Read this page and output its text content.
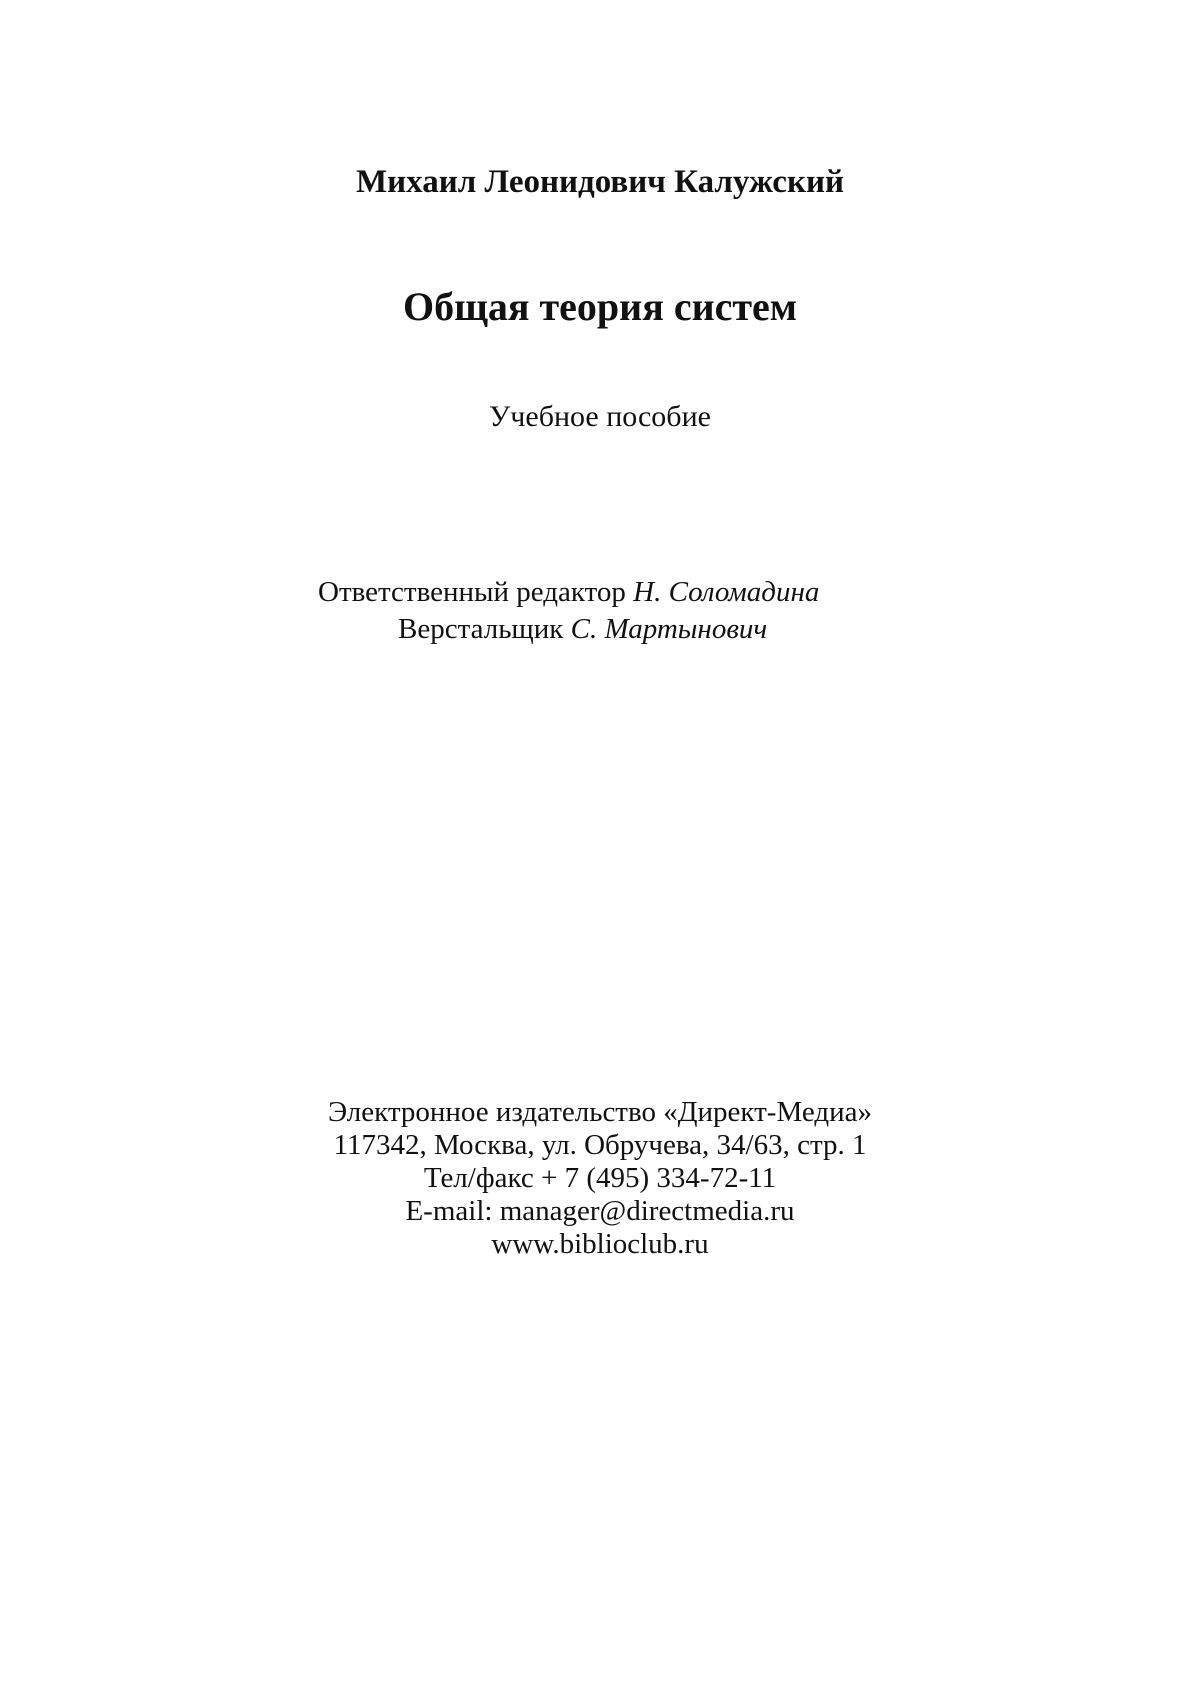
Михаил Леонидович Калужский
Общая теория систем
Учебное пособие
Ответственный редактор Н. Соломадина
Верстальщик С. Мартынович
Электронное издательство «Директ-Медиа»
117342, Москва, ул. Обручева, 34/63, стр. 1
Тел/факс + 7 (495) 334-72-11
E-mail: manager@directmedia.ru
www.biblioclub.ru
